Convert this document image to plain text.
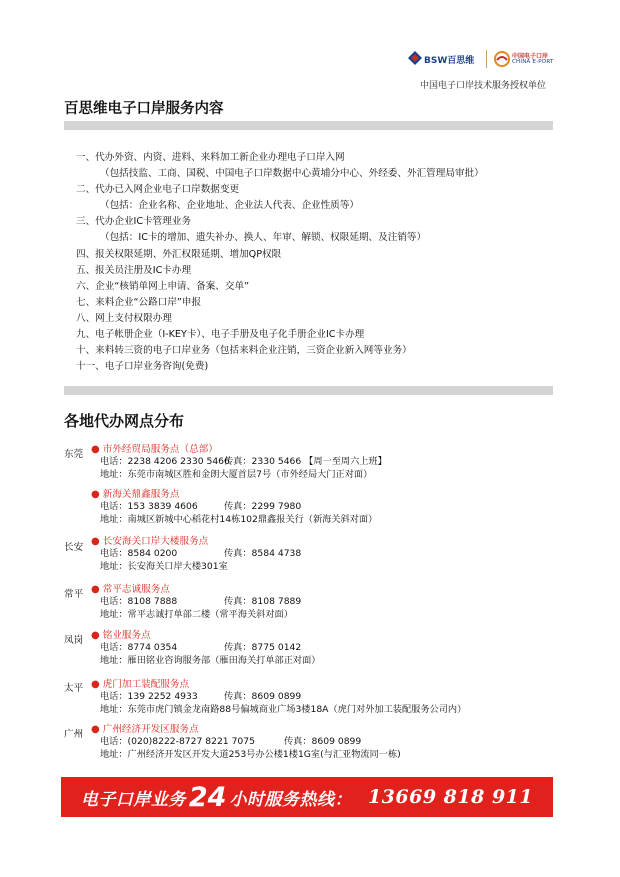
BSW百思维	中国电子口岸
CHINA E-PORT
中国电子口岸技术服务授权单位
百思维电子口岸服务内容
一、代办外资、内资、进料、来料加工新企业办理电子口岸入网
（包括技监、工商、国税、中国电子口岸数据中心黄埔分中心、外经委、外汇管理局审批）
二、代办已入网企业电子口岸数据变更
（包括：企业名称、企业地址、企业法人代表、企业性质等）
三、代办企业IC卡管理业务
（包括：IC卡的增加、遗失补办、换人、年审、解锁、权限延期、及注销等）
四、报关权限延期、外汇权限延期、增加QP权限
五、报关员注册及IC卡办理
六、企业“核销单网上申请、备案、交单”
七、来料企业“公路口岸”申报
八、网上支付权限办理
九、电子帐册企业（I-KEY卡）、电子手册及电子化手册企业IC卡办理
十、来料转三资的电子口岸业务（包括来料企业注销，三资企业新入网等业务）
十一、电子口岸业务咨询(免费)
各地代办网点分布
东莞 ● 市外经贸局服务点（总部）
电话：2238 4206 2330 5466传真：2330 5466 【周一至周六上班】
地址：东莞市南城区胜和金朗大厦首层7号（市外经局大门正对面）
● 新海关鼎鑫服务点
电话：153 3839 4606	传真：2299 7980
地址：南城区新城中心稻花村14栋102鼎鑫报关行（新海关斜对面）
长安
● 长安海关口岸大楼服务点
电话：8584 0200	传真：8584 4738
地址：长安海关口岸大楼301室
常平 ● 常平志诚服务点
电话：8108 7888	传真：8108 7889
地址：常平志诚打单部二楼（常平海关斜对面）
凤岗 ● 铭业服务点
电话：8774 0354	传真：8775 0142
地址：雁田铭业咨询服务部（雁田海关打单部正对面）
太平 ● 虎门加工装配服务点
电话：139 2252 4933	传真：8609 0899
地址：东莞市虎门镇金龙南路88号偏城商业广场3楼18A（虎门对外加工装配服务公司内）
广州 ● 广州经济开发区服务点
电话：(020)8222-8727 8221 7075	传真：8609 0899
地址：广州经济开发区开发大道253号办公楼1楼1G室(与汇亚物流同一栋)
电子口岸业务 24 小时服务热线： 13669 818 911
